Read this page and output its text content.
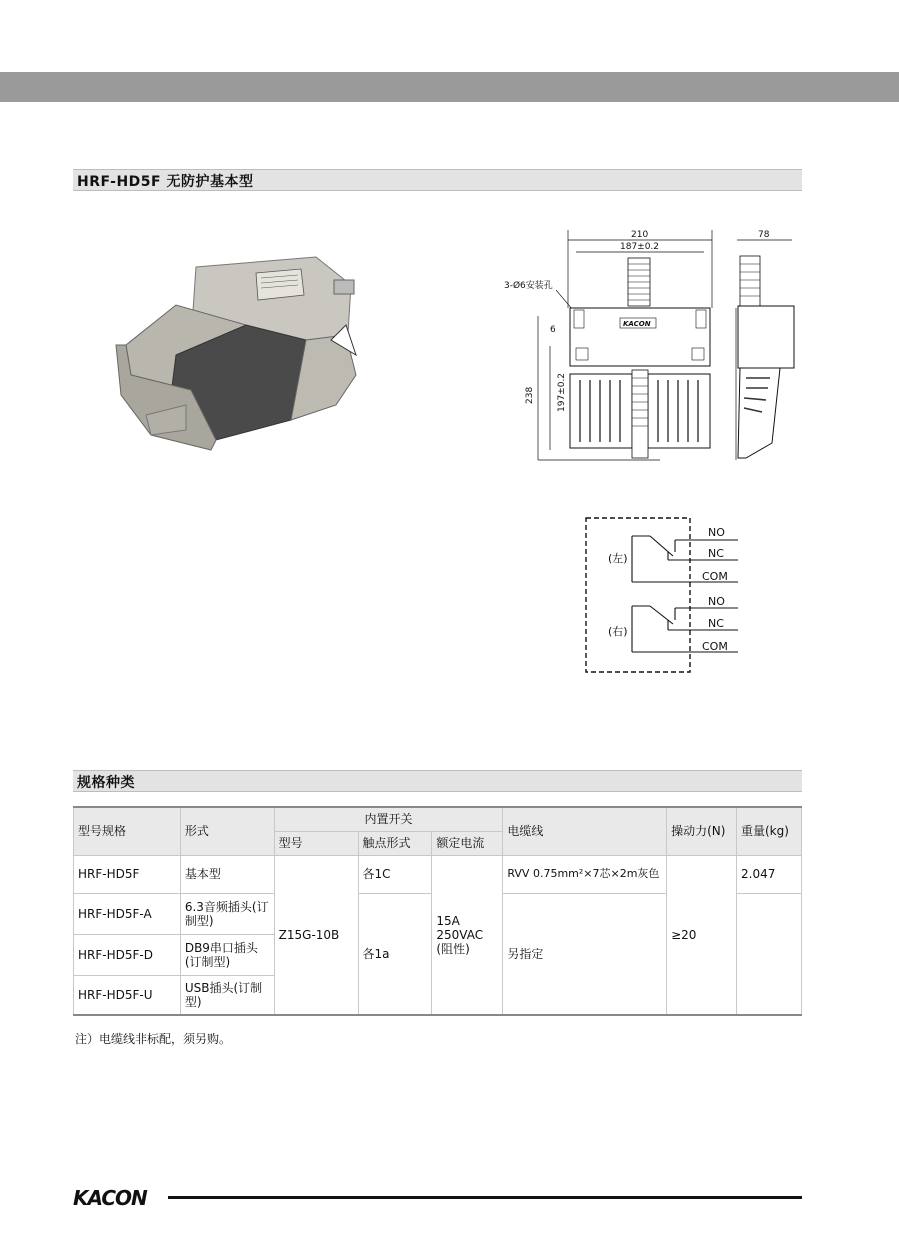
HRF-HD5F 无防护基本型
210
187±0.2
78
3-Ø6安装孔
KACON
238 197±0.2
6
(左)
(右)
NO
NC
COM
NO
NC
COM
规格种类
型号规格	形式	内置开关			电缆线	操动力(N)	重量(kg)
		型号	触点形式	额定电流			
HRF-HD5F	基本型	Z15G-10B	各1C	15A 250VAC (阻性)	RVV 0.75mm²×7芯×2m灰色	≥20	2.047
HRF-HD5F-A	6.3音频插头(订制型)		各1a		另指定		
HRF-HD5F-D	DB9串口插头(订制型)						
HRF-HD5F-U	USB插头(订制型)						
注）电缆线非标配，须另购。
KACON
